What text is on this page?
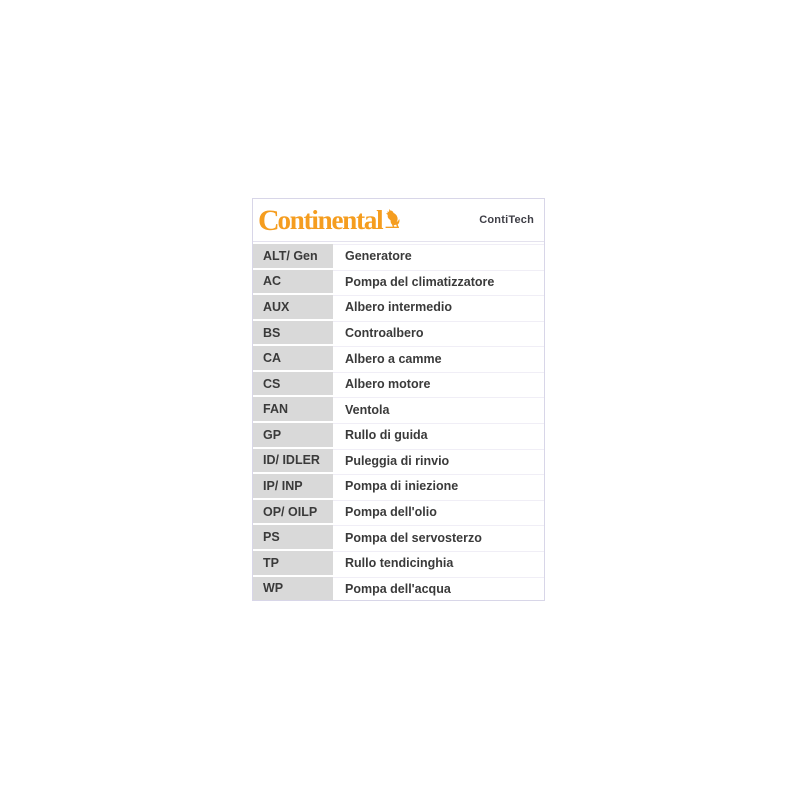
C ontinental	ContiTech
ALT/ Gen	Generatore
AC	Pompa del climatizzatore
AUX	Albero intermedio
BS	Controalbero
CA	Albero a camme
CS	Albero motore
FAN	Ventola
GP	Rullo di guida
ID/ IDLER	Puleggia di rinvio
IP/ INP	Pompa di iniezione
OP/ OILP	Pompa dell'olio
PS	Pompa del servosterzo
TP	Rullo tendicinghia
WP	Pompa dell'acqua
